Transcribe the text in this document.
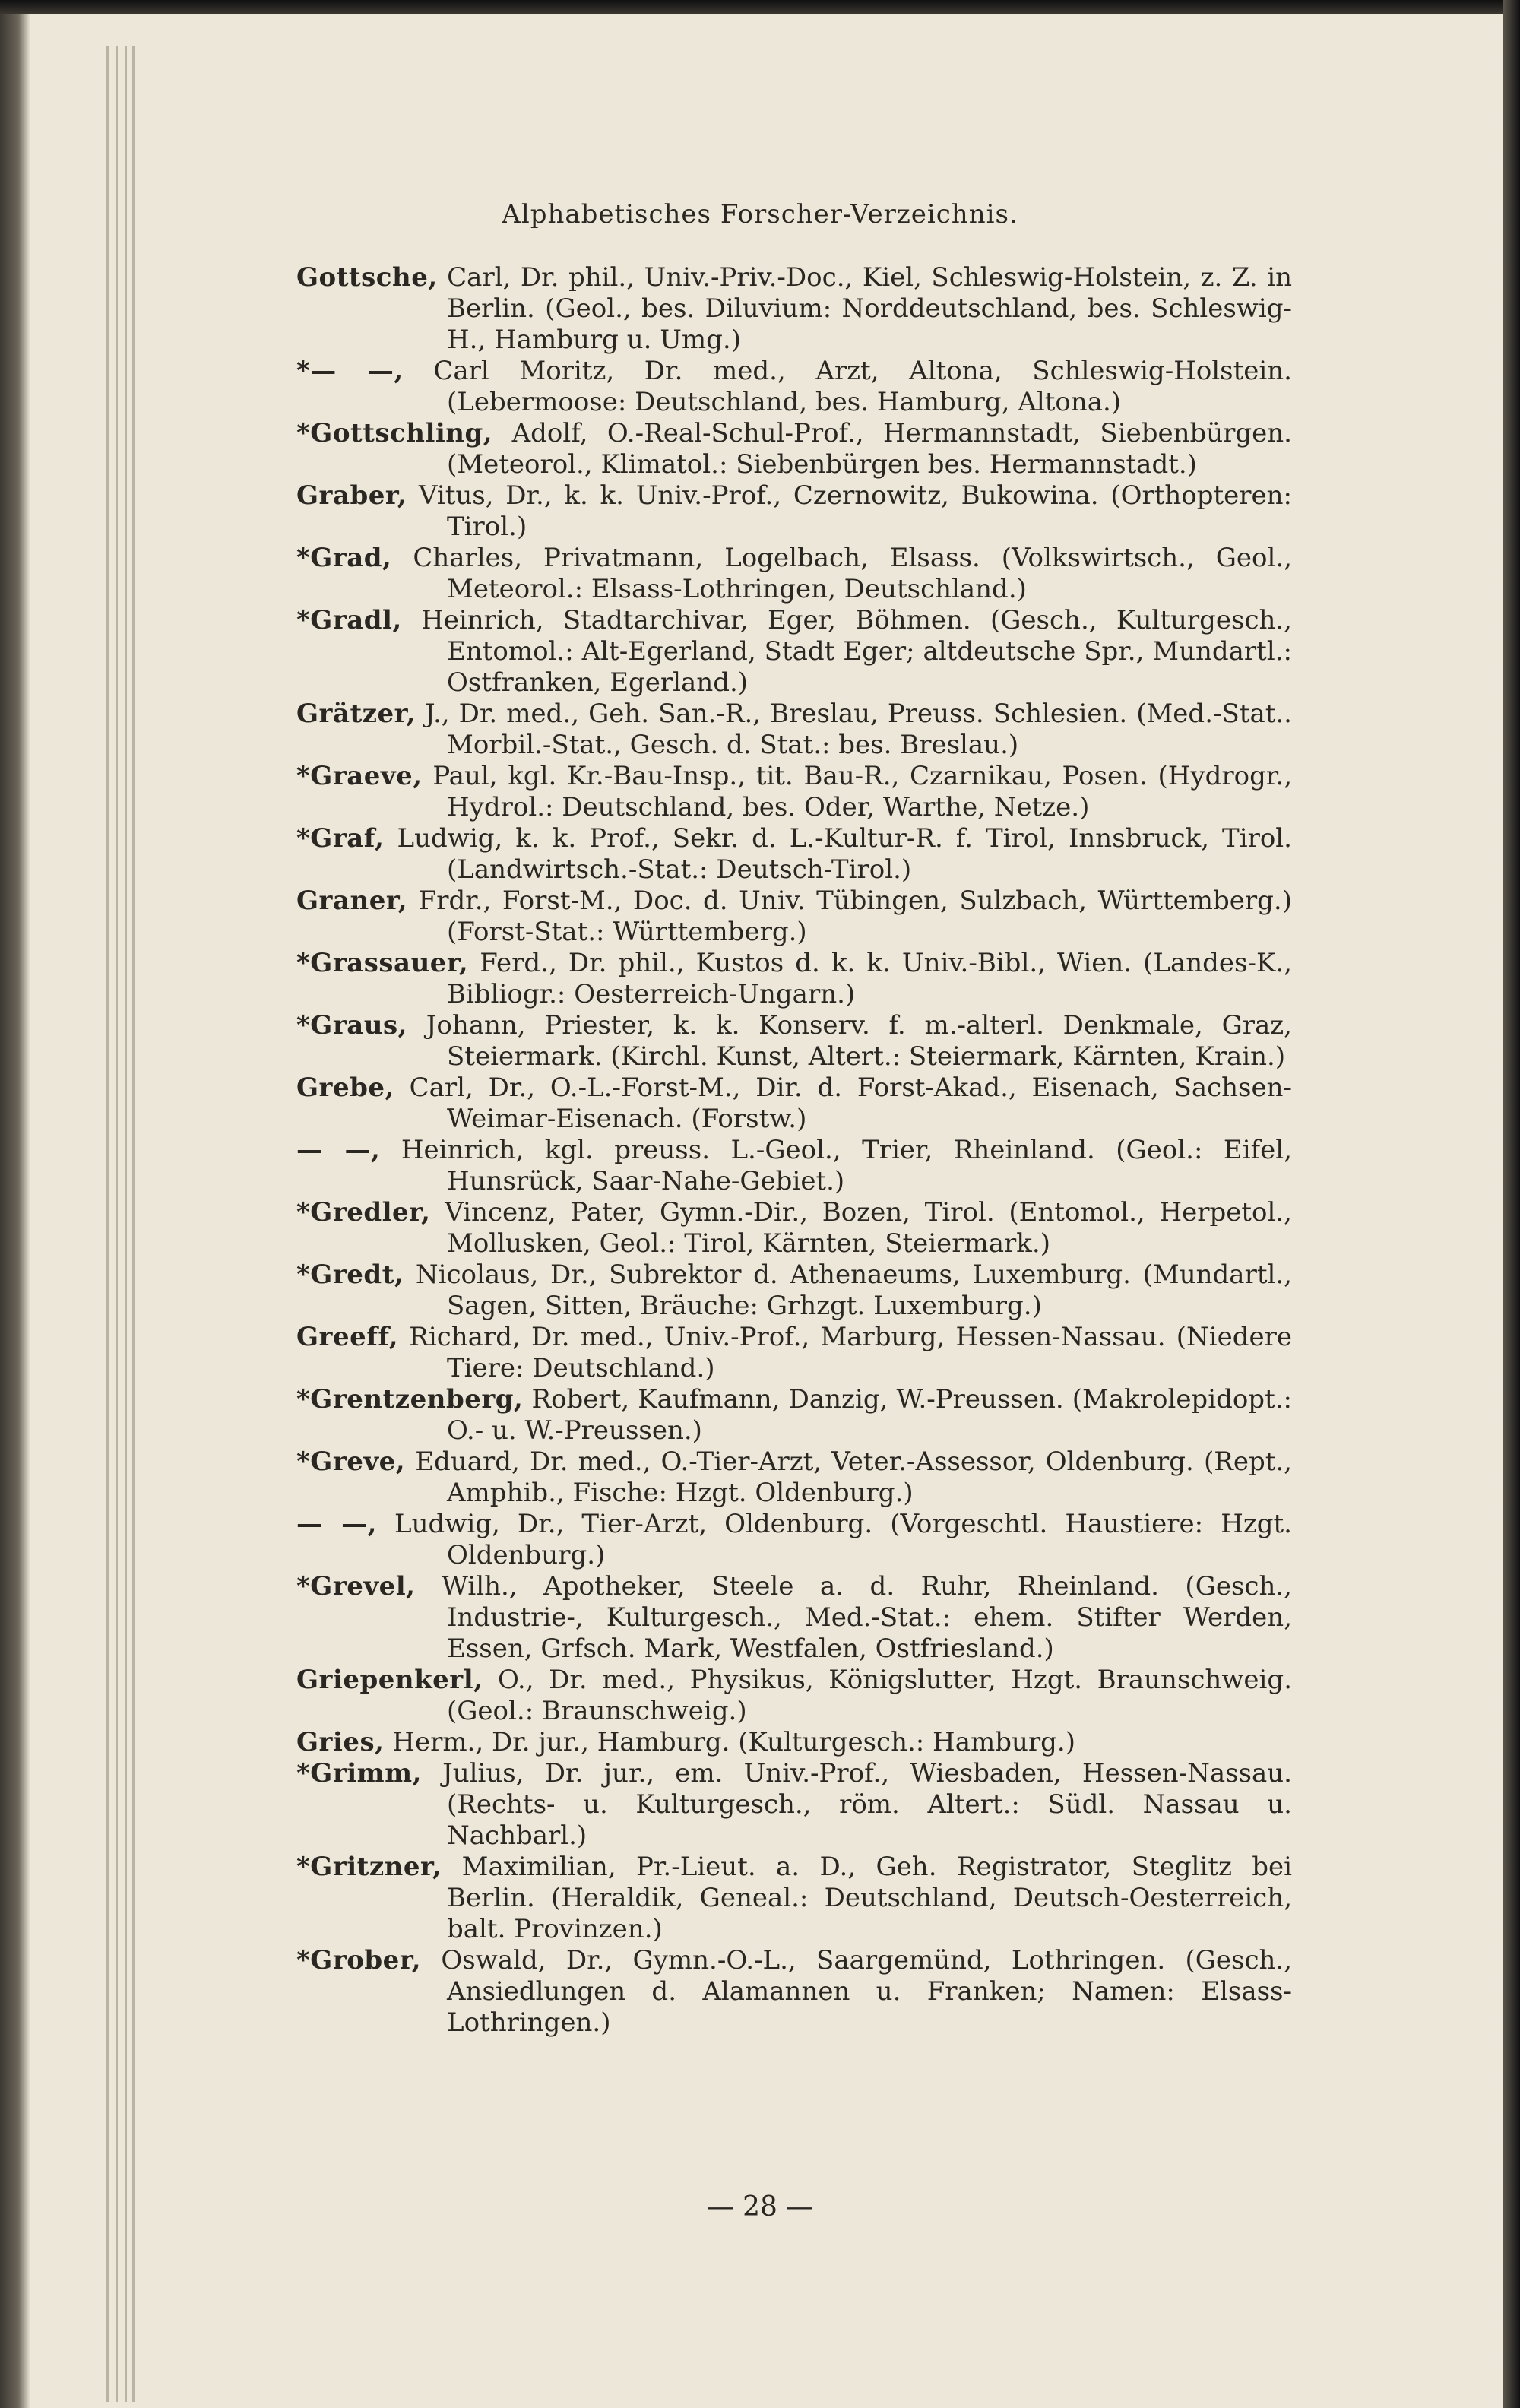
Alphabetisches Forscher-Verzeichnis.
Gottsche, Carl, Dr. phil., Univ.-Priv.-Doc., Kiel, Schleswig-Holstein, z. Z. in Berlin. (Geol., bes. Diluvium: Norddeutschland, bes. Schleswig-H., Hamburg u. Umg.)
*— —, Carl Moritz, Dr. med., Arzt, Altona, Schleswig-Holstein. (Lebermoose: Deutschland, bes. Hamburg, Altona.)
*Gottschling, Adolf, O.-Real-Schul-Prof., Hermannstadt, Siebenbürgen. (Meteorol., Klimatol.: Siebenbürgen bes. Hermannstadt.)
Graber, Vitus, Dr., k. k. Univ.-Prof., Czernowitz, Bukowina. (Orthopteren: Tirol.)
*Grad, Charles, Privatmann, Logelbach, Elsass. (Volkswirtsch., Geol., Meteorol.: Elsass-Lothringen, Deutschland.)
*Gradl, Heinrich, Stadtarchivar, Eger, Böhmen. (Gesch., Kulturgesch., Entomol.: Alt-Egerland, Stadt Eger; altdeutsche Spr., Mundartl.: Ostfranken, Egerland.)
Grätzer, J., Dr. med., Geh. San.-R., Breslau, Preuss. Schlesien. (Med.-Stat.. Morbil.-Stat., Gesch. d. Stat.: bes. Breslau.)
*Graeve, Paul, kgl. Kr.-Bau-Insp., tit. Bau-R., Czarnikau, Posen. (Hydrogr., Hydrol.: Deutschland, bes. Oder, Warthe, Netze.)
*Graf, Ludwig, k. k. Prof., Sekr. d. L.-Kultur-R. f. Tirol, Innsbruck, Tirol. (Landwirtsch.-Stat.: Deutsch-Tirol.)
Graner, Frdr., Forst-M., Doc. d. Univ. Tübingen, Sulzbach, Württemberg.) (Forst-Stat.: Württemberg.)
*Grassauer, Ferd., Dr. phil., Kustos d. k. k. Univ.-Bibl., Wien. (Landes-K., Bibliogr.: Oesterreich-Ungarn.)
*Graus, Johann, Priester, k. k. Konserv. f. m.-alterl. Denkmale, Graz, Steiermark. (Kirchl. Kunst, Altert.: Steiermark, Kärnten, Krain.)
Grebe, Carl, Dr., O.-L.-Forst-M., Dir. d. Forst-Akad., Eisenach, Sachsen-Weimar-Eisenach. (Forstw.)
— —, Heinrich, kgl. preuss. L.-Geol., Trier, Rheinland. (Geol.: Eifel, Hunsrück, Saar-Nahe-Gebiet.)
*Gredler, Vincenz, Pater, Gymn.-Dir., Bozen, Tirol. (Entomol., Herpetol., Mollusken, Geol.: Tirol, Kärnten, Steiermark.)
*Gredt, Nicolaus, Dr., Subrektor d. Athenaeums, Luxemburg. (Mundartl., Sagen, Sitten, Bräuche: Grhzgt. Luxemburg.)
Greeff, Richard, Dr. med., Univ.-Prof., Marburg, Hessen-Nassau. (Niedere Tiere: Deutschland.)
*Grentzenberg, Robert, Kaufmann, Danzig, W.-Preussen. (Makrolepidopt.: O.- u. W.-Preussen.)
*Greve, Eduard, Dr. med., O.-Tier-Arzt, Veter.-Assessor, Oldenburg. (Rept., Amphib., Fische: Hzgt. Oldenburg.)
— —, Ludwig, Dr., Tier-Arzt, Oldenburg. (Vorgeschtl. Haustiere: Hzgt. Oldenburg.)
*Grevel, Wilh., Apotheker, Steele a. d. Ruhr, Rheinland. (Gesch., Industrie-, Kulturgesch., Med.-Stat.: ehem. Stifter Werden, Essen, Grfsch. Mark, Westfalen, Ostfriesland.)
Griepenkerl, O., Dr. med., Physikus, Königslutter, Hzgt. Braunschweig. (Geol.: Braunschweig.)
Gries, Herm., Dr. jur., Hamburg. (Kulturgesch.: Hamburg.)
*Grimm, Julius, Dr. jur., em. Univ.-Prof., Wiesbaden, Hessen-Nassau. (Rechts- u. Kulturgesch., röm. Altert.: Südl. Nassau u. Nachbarl.)
*Gritzner, Maximilian, Pr.-Lieut. a. D., Geh. Registrator, Steglitz bei Berlin. (Heraldik, Geneal.: Deutschland, Deutsch-Oesterreich, balt. Provinzen.)
*Grober, Oswald, Dr., Gymn.-O.-L., Saargemünd, Lothringen. (Gesch., Ansiedlungen d. Alamannen u. Franken; Namen: Elsass-Lothringen.)
— 28 —
